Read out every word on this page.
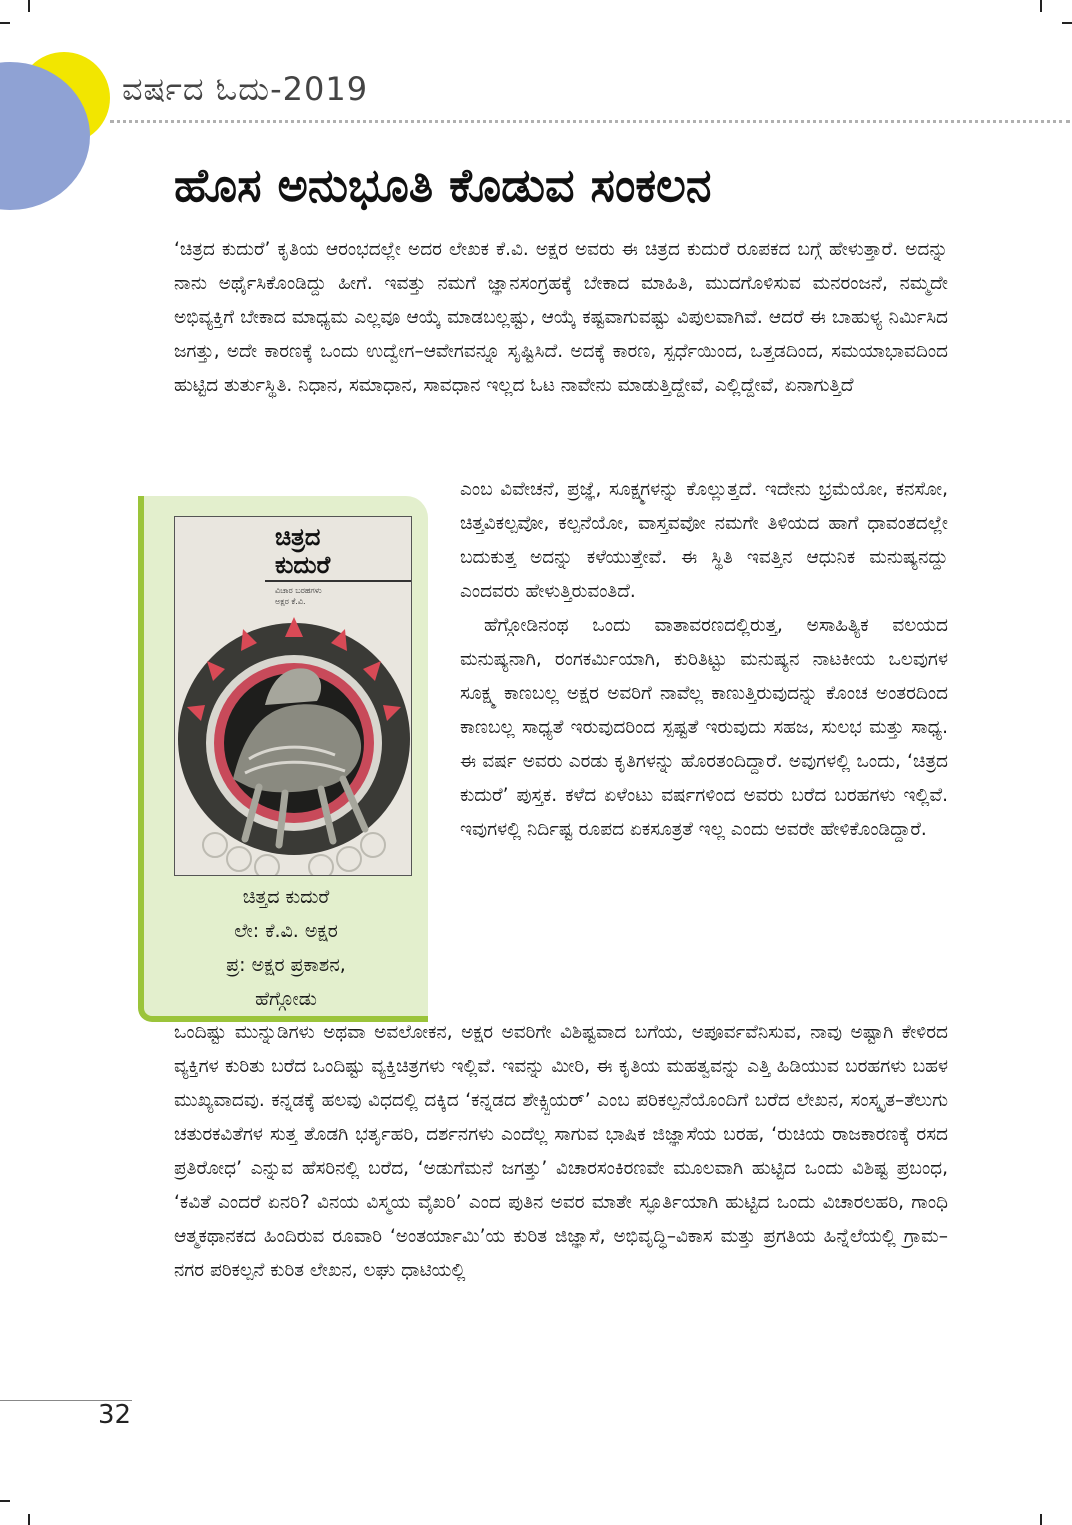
ವರ್ಷದ ಓದು-2019
ಹೊಸ ಅನುಭೂತಿ ಕೊಡುವ ಸಂಕಲನ

‘ಚಿತ್ರದ ಕುದುರೆ’ ಕೃತಿಯ ಆರಂಭದಲ್ಲೇ ಅದರ ಲೇಖಕ ಕೆ.ವಿ. ಅಕ್ಷರ ಅವರು ಈ ಚಿತ್ರದ ಕುದುರೆ ರೂಪಕದ ಬಗ್ಗೆ ಹೇಳುತ್ತಾರೆ. ಅದನ್ನು ನಾನು ಅರ್ಥೈಸಿಕೊಂಡಿದ್ದು ಹೀಗೆ. ಇವತ್ತು ನಮಗೆ ಜ್ಞಾನಸಂಗ್ರಹಕ್ಕೆ ಬೇಕಾದ ಮಾಹಿತಿ, ಮುದಗೊಳಿಸುವ ಮನರಂಜನೆ, ನಮ್ಮದೇ ಅಭಿವ್ಯಕ್ತಿಗೆ ಬೇಕಾದ ಮಾಧ್ಯಮ ಎಲ್ಲವೂ ಆಯ್ಕೆ ಮಾಡಬಲ್ಲಷ್ಟು, ಆಯ್ಕೆ ಕಷ್ಟವಾಗುವಷ್ಟು ವಿಪುಲವಾಗಿವೆ. ಆದರೆ ಈ ಬಾಹುಳ್ಯ ನಿರ್ಮಿಸಿದ ಜಗತ್ತು, ಅದೇ ಕಾರಣಕ್ಕೆ ಒಂದು ಉದ್ವೇಗ–ಆವೇಗವನ್ನೂ ಸೃಷ್ಟಿಸಿದೆ. ಅದಕ್ಕೆ ಕಾರಣ, ಸ್ಪರ್ಧೆಯಿಂದ, ಒತ್ತಡದಿಂದ, ಸಮಯಾಭಾವದಿಂದ ಹುಟ್ಟಿದ ತುರ್ತುಸ್ಥಿತಿ. ನಿಧಾನ, ಸಮಾಧಾನ, ಸಾವಧಾನ ಇಲ್ಲದ ಓಟ ನಾವೇನು ಮಾಡುತ್ತಿದ್ದೇವೆ, ಎಲ್ಲಿದ್ದೇವೆ, ಏನಾಗುತ್ತಿದೆ

ಎಂಬ ವಿವೇಚನೆ, ಪ್ರಜ್ಞೆ, ಸೂಕ್ಷ್ಮಗಳನ್ನು ಕೊಲ್ಲುತ್ತದೆ. ಇದೇನು ಭ್ರಮೆಯೋ, ಕನಸೋ, ಚಿತ್ತವಿಕಲ್ಪವೋ, ಕಲ್ಪನೆಯೋ, ವಾಸ್ತವವೋ ನಮಗೇ ತಿಳಿಯದ ಹಾಗೆ ಧಾವಂತದಲ್ಲೇ ಬದುಕುತ್ತ ಅದನ್ನು ಕಳೆಯುತ್ತೇವೆ. ಈ ಸ್ಥಿತಿ ಇವತ್ತಿನ ಆಧುನಿಕ ಮನುಷ್ಯನದ್ದು ಎಂದವರು ಹೇಳುತ್ತಿರುವಂತಿದೆ.

ಹೆಗ್ಗೋಡಿನಂಥ ಒಂದು ವಾತಾವರಣದಲ್ಲಿರುತ್ತ, ಅಸಾಹಿತ್ಯಿಕ ವಲಯದ ಮನುಷ್ಯನಾಗಿ, ರಂಗಕರ್ಮಿಯಾಗಿ, ಕುರಿತಿಟ್ಟು ಮನುಷ್ಯನ ನಾಟಕೀಯ ಒಲವುಗಳ ಸೂಕ್ಷ್ಮ ಕಾಣಬಲ್ಲ ಅಕ್ಷರ ಅವರಿಗೆ ನಾವೆಲ್ಲ ಕಾಣುತ್ತಿರುವುದನ್ನು ಕೊಂಚ ಅಂತರದಿಂದ ಕಾಣಬಲ್ಲ ಸಾಧ್ಯತೆ ಇರುವುದರಿಂದ ಸ್ಪಷ್ಟತೆ ಇರುವುದು ಸಹಜ, ಸುಲಭ ಮತ್ತು ಸಾಧ್ಯ. ಈ ವರ್ಷ ಅವರು ಎರಡು ಕೃತಿಗಳನ್ನು ಹೊರತಂದಿದ್ದಾರೆ. ಅವುಗಳಲ್ಲಿ ಒಂದು, ‘ಚಿತ್ರದ ಕುದುರೆ’ ಪುಸ್ತಕ. ಕಳೆದ ಏಳೆಂಟು ವರ್ಷಗಳಿಂದ ಅವರು ಬರೆದ ಬರಹಗಳು ಇಲ್ಲಿವೆ. ಇವುಗಳಲ್ಲಿ ನಿರ್ದಿಷ್ಟ ರೂಪದ ಏಕಸೂತ್ರತೆ ಇಲ್ಲ ಎಂದು ಅವರೇ ಹೇಳಿಕೊಂಡಿದ್ದಾರೆ.

ಚಿತ್ರದ
ಕುದುರೆ

ವಿಚಾರ ಬರಹಗಳು
ಅಕ್ಷರ ಕೆ.ವಿ.
ಚಿತ್ತದ ಕುದುರೆ
ಲೇ: ಕೆ.ವಿ. ಅಕ್ಷರ
ಪ್ರ: ಅಕ್ಷರ ಪ್ರಕಾಶನ,
ಹೆಗ್ಗೋಡು

ಒಂದಿಷ್ಟು ಮುನ್ನುಡಿಗಳು ಅಥವಾ ಅವಲೋಕನ, ಅಕ್ಷರ ಅವರಿಗೇ ವಿಶಿಷ್ಟವಾದ ಬಗೆಯ, ಅಪೂರ್ವವೆನಿಸುವ, ನಾವು ಅಷ್ಟಾಗಿ ಕೇಳಿರದ ವ್ಯಕ್ತಿಗಳ ಕುರಿತು ಬರೆದ ಒಂದಿಷ್ಟು ವ್ಯಕ್ತಿಚಿತ್ರಗಳು ಇಲ್ಲಿವೆ. ಇವನ್ನು ಮೀರಿ, ಈ ಕೃತಿಯ ಮಹತ್ವವನ್ನು ಎತ್ತಿ ಹಿಡಿಯುವ ಬರಹಗಳು ಬಹಳ ಮುಖ್ಯವಾದವು. ಕನ್ನಡಕ್ಕೆ ಹಲವು ವಿಧದಲ್ಲಿ ದಕ್ಕಿದ ‘ಕನ್ನಡದ ಶೇಕ್ಸ್ಪಿಯರ್’ ಎಂಬ ಪರಿಕಲ್ಪನೆಯೊಂದಿಗೆ ಬರೆದ ಲೇಖನ, ಸಂಸ್ಕೃತ–ತೆಲುಗು ಚತುರಕವಿತೆಗಳ ಸುತ್ತ ತೊಡಗಿ ಭರ್ತೃಹರಿ, ದರ್ಶನಗಳು ಎಂದೆಲ್ಲ ಸಾಗುವ ಭಾಷಿಕ ಜಿಜ್ಞಾಸೆಯ ಬರಹ, ‘ರುಚಿಯ ರಾಜಕಾರಣಕ್ಕೆ ರಸದ ಪ್ರತಿರೋಧ’ ಎನ್ನುವ ಹೆಸರಿನಲ್ಲಿ ಬರೆದ, ‘ಅಡುಗೆಮನೆ ಜಗತ್ತು’ ವಿಚಾರಸಂಕಿರಣವೇ ಮೂಲವಾಗಿ ಹುಟ್ಟಿದ ಒಂದು ವಿಶಿಷ್ಟ ಪ್ರಬಂಧ, ‘ಕವಿತೆ ಎಂದರೆ ಏನರಿ? ವಿನಯ ವಿಸ್ಮಯ ವೈಖರಿ’ ಎಂದ ಪುತಿನ ಅವರ ಮಾತೇ ಸ್ಫೂರ್ತಿಯಾಗಿ ಹುಟ್ಟಿದ ಒಂದು ವಿಚಾರಲಹರಿ, ಗಾಂಧಿ ಆತ್ಮಕಥಾನಕದ ಹಿಂದಿರುವ ರೂವಾರಿ ‘ಅಂತರ್ಯಾಮಿ’ಯ ಕುರಿತ ಜಿಜ್ಞಾಸೆ, ಅಭಿವೃದ್ಧಿ–ವಿಕಾಸ ಮತ್ತು ಪ್ರಗತಿಯ ಹಿನ್ನೆಲೆಯಲ್ಲಿ ಗ್ರಾಮ–ನಗರ ಪರಿಕಲ್ಪನೆ ಕುರಿತ ಲೇಖನ, ಲಘು ಧಾಟಿಯಲ್ಲಿ

32
